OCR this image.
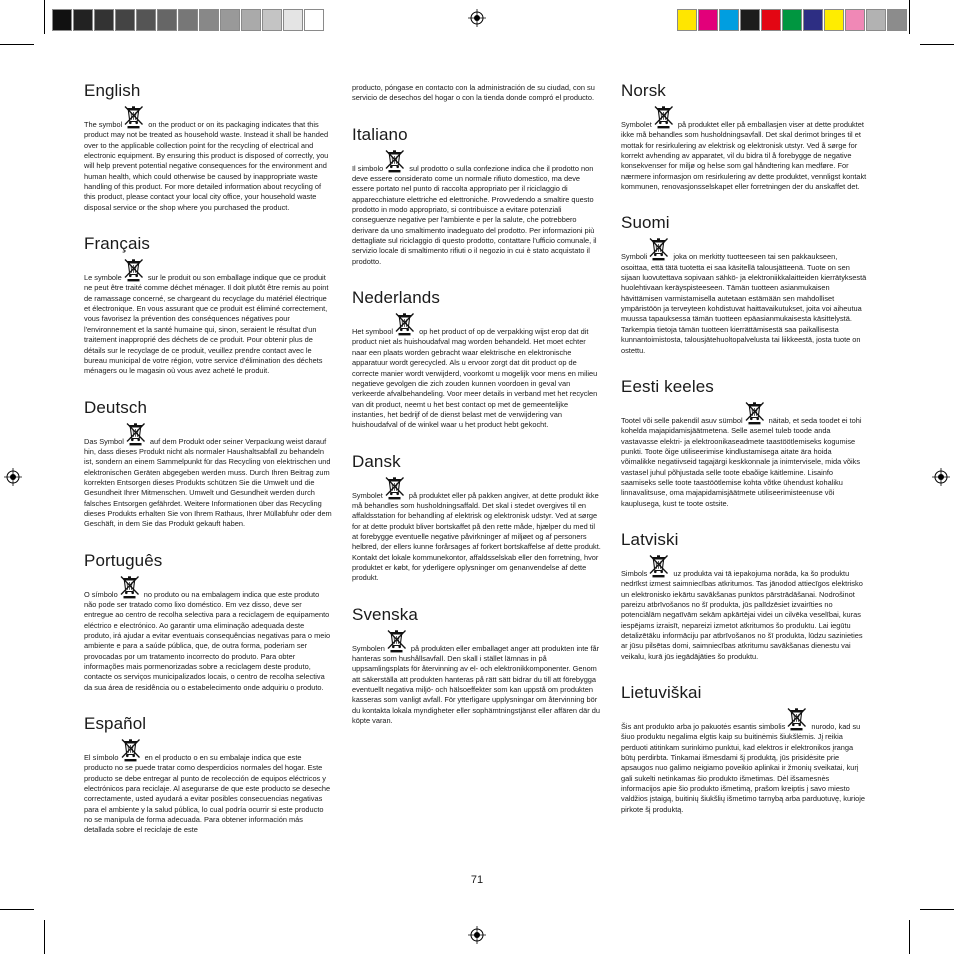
English

The symbol	on the product or on its packaging indicates that this product may not be treated as household waste. Instead it shall be handed over to the applicable collection point for the recycling of electrical and electronic equipment. By ensuring this product is disposed of correctly, you will help prevent potential negative consequences for the environment and human health, which could otherwise be caused by inappropriate waste handling of this product. For more detailed information about recycling of this product, please contact your local city office, your household waste disposal service or the shop where you purchased the product.

Français

Le symbole	sur le produit ou son emballage indique que ce produit ne peut être traité comme déchet ménager. Il doit plutôt être remis au point de ramassage concerné, se chargeant du recyclage du matériel électrique et électronique. En vous assurant que ce produit est éliminé correctement, vous favorisez la prévention des conséquences négatives pour l'environnement et la santé humaine qui, sinon, seraient le résultat d'un traitement inapproprié des déchets de ce produit. Pour obtenir plus de détails sur le recyclage de ce produit, veuillez prendre contact avec le bureau municipal de votre région, votre service d'élimination des déchets ménagers ou le magasin où vous avez acheté le produit.

Deutsch

Das Symbol	auf dem Produkt oder seiner Verpackung weist darauf hin, dass dieses Produkt nicht als normaler Haushaltsabfall zu behandeln ist, sondern an einem Sammelpunkt für das Recycling von elektrischen und elektronischen Geräten abgegeben werden muss. Durch Ihren Beitrag zum korrekten Entsorgen dieses Produkts schützen Sie die Umwelt und die Gesundheit Ihrer Mitmenschen. Umwelt und Gesundheit werden durch falsches Entsorgen gefährdet. Weitere Informationen über das Recycling dieses Produkts erhalten Sie von Ihrem Rathaus, Ihrer Müllabfuhr oder dem Geschäft, in dem Sie das Produkt gekauft haben.

Português

O símbolo	no produto ou na embalagem indica que este produto não pode ser tratado como lixo doméstico. Em vez disso, deve ser entregue ao centro de recolha selectiva para a reciclagem de equipamento eléctrico e electrónico. Ao garantir uma eliminação adequada deste produto, irá ajudar a evitar eventuais consequências negativas para o meio ambiente e para a saúde pública, que, de outra forma, poderiam ser provocadas por um tratamento incorrecto do produto. Para obter informações mais pormenorizadas sobre a reciclagem deste produto, contacte os serviços municipalizados locais, o centro de recolha selectiva da sua área de residência ou o estabelecimento onde adquiriu o produto.

Español

El símbolo	en el producto o en su embalaje indica que este producto no se puede tratar como desperdicios normales del hogar. Este producto se debe entregar al punto de recolección de equipos eléctricos y electrónicos para reciclaje. Al asegurarse de que este producto se deseche correctamente, usted ayudará a evitar posibles consecuencias negativas para el ambiente y la salud pública, lo cual podría ocurrir si este producto no se manipula de forma adecuada. Para obtener información más detallada sobre el reciclaje de este

producto, póngase en contacto con la administración de su ciudad, con su servicio de desechos del hogar o con la tienda donde compró el producto.

Italiano

Il simbolo	sul prodotto o sulla confezione indica che il prodotto non deve essere considerato come un normale rifiuto domestico, ma deve essere portato nel punto di raccolta appropriato per il riciclaggio di apparecchiature elettriche ed elettroniche. Provvedendo a smaltire questo prodotto in modo appropriato, si contribuisce a evitare potenziali conseguenze negative per l'ambiente e per la salute, che potrebbero derivare da uno smaltimento inadeguato del prodotto. Per informazioni più dettagliate sul riciclaggio di questo prodotto, contattare l'ufficio comunale, il servizio locale di smaltimento rifiuti o il negozio in cui è stato acquistato il prodotto.

Nederlands

Het symbool	op het product of op de verpakking wijst erop dat dit product niet als huishoudafval mag worden behandeld. Het moet echter naar een plaats worden gebracht waar elektrische en elektronische apparatuur wordt gerecycled. Als u ervoor zorgt dat dit product op de correcte manier wordt verwijderd, voorkomt u mogelijk voor mens en milieu negatieve gevolgen die zich zouden kunnen voordoen in geval van verkeerde afvalbehandeling. Voor meer details in verband met het recyclen van dit product, neemt u het best contact op met de gemeentelijke instanties, het bedrijf of de dienst belast met de verwijdering van huishoudafval of de winkel waar u het product hebt gekocht.

Dansk

Symbolet	på produktet eller på pakken angiver, at dette produkt ikke må behandles som husholdningsaffald. Det skal i stedet overgives til en affaldsstation for behandling af elektrisk og elektronisk udstyr. Ved at sørge for at dette produkt bliver bortskaffet på den rette måde, hjælper du med til at forebygge eventuelle negative påvirkninger af miljøet og af personers helbred, der ellers kunne forårsages af forkert bortskaffelse af dette produkt. Kontakt det lokale kommunekontor, affaldsselskab eller den forretning, hvor produktet er købt, for yderligere oplysninger om genanvendelse af dette produkt.

Svenska

Symbolen	på produkten eller emballaget anger att produkten inte får hanteras som hushållsavfall. Den skall i stället lämnas in på uppsamlingsplats för återvinning av el- och elektronikkomponenter. Genom att säkerställa att produkten hanteras på rätt sätt bidrar du till att förebygga eventuellt negativa miljö- och hälsoeffekter som kan uppstå om produkten kasseras som vanligt avfall. För ytterligare upplysningar om återvinning bör du kontakta lokala myndigheter eller sophämtningstjänst eller affären där du köpte varan.

Norsk

Symbolet	på produktet eller på emballasjen viser at dette produktet ikke må behandles som husholdningsavfall. Det skal derimot bringes til et mottak for resirkulering av elektrisk og elektronisk utstyr. Ved å sørge for korrekt avhending av apparatet, vil du bidra til å forebygge de negative konsekvenser for miljø og helse som gal håndtering kan medføre. For nærmere informasjon om resirkulering av dette produktet, vennligst kontakt kommunen, renovasjonsselskapet eller forretningen der du anskaffet det.

Suomi

Symboli	joka on merkitty tuotteeseen tai sen pakkaukseen, osoittaa, että tätä tuotetta ei saa käsitellä talousjätteenä. Tuote on sen sijaan luovutettava sopivaan sähkö- ja elektroniikkalaitteiden kierrätyksestä huolehtivaan keräyspisteeseen. Tämän tuotteen asianmukaisen hävittämisen varmistamisella autetaan estämään sen mahdolliset ympäristöön ja terveyteen kohdistuvat haittavaikutukset, joita voi aiheutua muussa tapauksessa tämän tuotteen epäasianmukaisesta käsittelystä. Tarkempia tietoja tämän tuotteen kierrättämisestä saa paikallisesta kunnantoimistosta, talousjätehuoltopalvelusta tai liikkeestä, josta tuote on ostettu.

Eesti keeles

Tootel või selle pakendil asuv sümbol	näitab, et seda toodet ei tohi kohelda majapidamisjäätmetena. Selle asemel tuleb toode anda vastavasse elektri- ja elektroonikaseadmete taastöötlemiseks kogumise punkti. Toote õige utiliseerimise kindlustamisega aitate ära hoida võimalikke negatiivseid tagajärgi keskkonnale ja inimtervisele, mida võiks vastasel juhul põhjustada selle toote ebaõige käitlemine. Lisainfo saamiseks selle toote taastöötlemise kohta võtke ühendust kohaliku linnavalitsuse, oma majapidamisjäätmete utiliseerimisteenuse või kauplusega, kust te toote ostsite.

Latviski

Simbols	uz produkta vai tā iepakojuma norāda, ka šo produktu nedrīkst izmest saimniecības atkritumos. Tas jānodod attiecīgos elektrisko un elektronisko iekārtu savākšanas punktos pārstrādāšanai. Nodrošinot pareizu atbrīvošanos no šī produkta, jūs palīdzēsiet izvairīties no potenciālām negatīvām sekām apkārtējai videi un cilvēka veselībai, kuras iespējams izraisīt, nepareizi izmetot atkritumos šo produktu. Lai iegūtu detalizētāku informāciju par atbrīvošanos no šī produkta, lūdzu sazinieties ar jūsu pilsētas domi, saimniecības atkritumu savākšanas dienestu vai veikalu, kurā jūs iegādājāties šo produktu.

Lietuviškai

Šis ant produkto arba jo pakuotės esantis simbolis	nurodo, kad su šiuo produktu negalima elgtis kaip su buitinėmis šiukšlėmis. Jį reikia perduoti atitinkam surinkimo punktui, kad elektros ir elektronikos įranga būtų perdirbta. Tinkamai išmesdami šį produktą, jūs prisidėsite prie apsaugos nuo galimo neigiamo poveikio aplinkai ir žmonių sveikatai, kurį gali sukelti netinkamas šio produkto išmetimas. Dėl išsamesnės informacijos apie šio produkto išmetimą, prašom kreiptis į savo miesto valdžios įstaigą, buitinių šiukšlių išmetimo tarnybą arba parduotuvę, kurioje pirkote šį produktą.

71
